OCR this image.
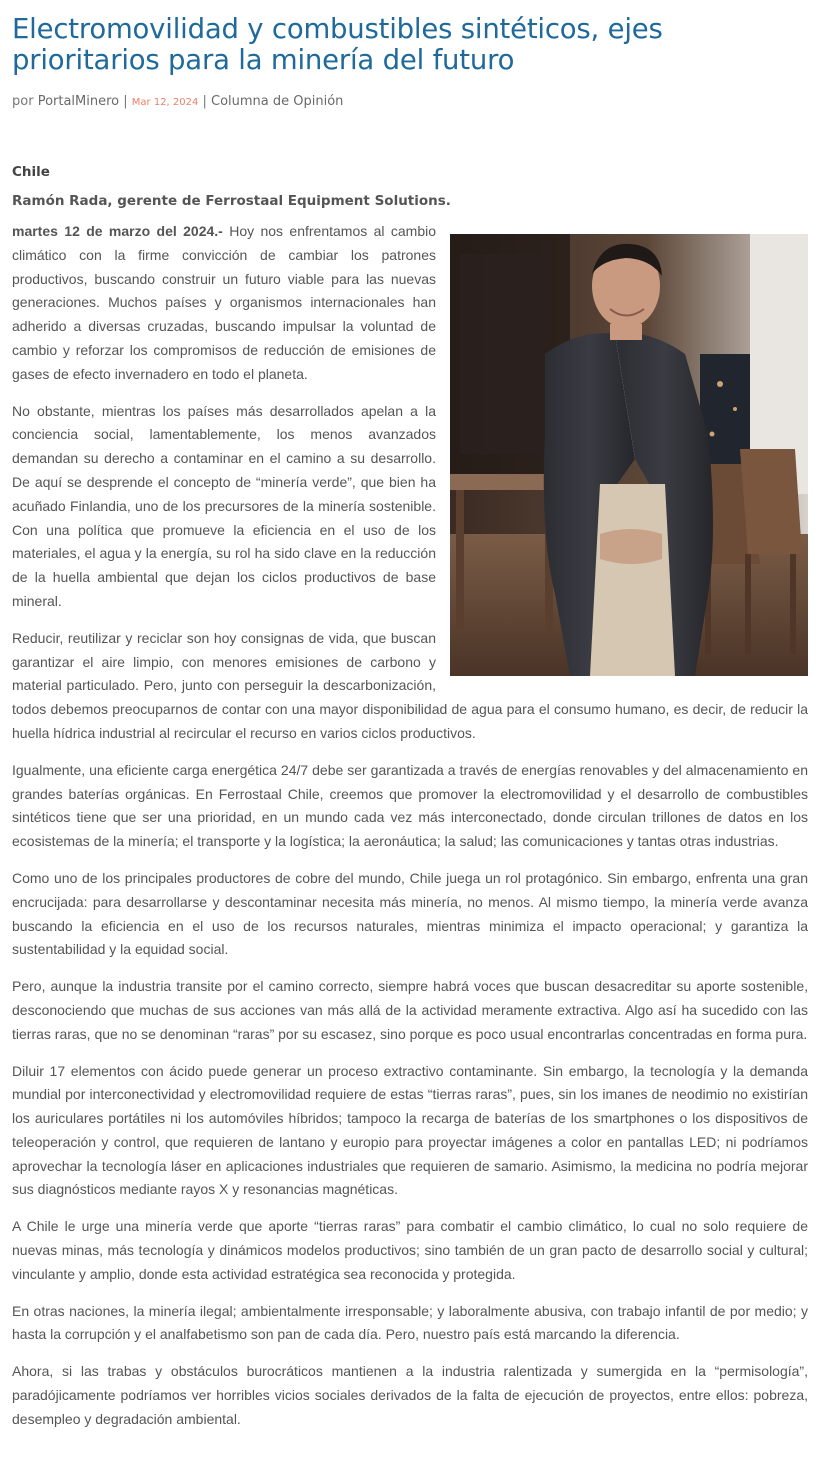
Electromovilidad y combustibles sintéticos, ejes prioritarios para la minería del futuro
por PortalMinero | Mar 12, 2024 | Columna de Opinión
Chile
Ramón Rada, gerente de Ferrostaal Equipment Solutions.

martes 12 de marzo del 2024.- Hoy nos enfrentamos al cambio climático con la firme convicción de cambiar los patrones productivos, buscando construir un futuro viable para las nuevas generaciones. Muchos países y organismos internacionales han adherido a diversas cruzadas, buscando impulsar la voluntad de cambio y reforzar los compromisos de reducción de emisiones de gases de efecto invernadero en todo el planeta.

No obstante, mientras los países más desarrollados apelan a la conciencia social, lamentablemente, los menos avanzados demandan su derecho a contaminar en el camino a su desarrollo. De aquí se desprende el concepto de “minería verde”, que bien ha acuñado Finlandia, uno de los precursores de la minería sostenible. Con una política que promueve la eficiencia en el uso de los materiales, el agua y la energía, su rol ha sido clave en la reducción de la huella ambiental que dejan los ciclos productivos de base mineral.

Reducir, reutilizar y reciclar son hoy consignas de vida, que buscan garantizar el aire limpio, con menores emisiones de carbono y material particulado. Pero, junto con perseguir la descarbonización, todos debemos preocuparnos de contar con una mayor disponibilidad de agua para el consumo humano, es decir, de reducir la huella hídrica industrial al recircular el recurso en varios ciclos productivos.

Igualmente, una eficiente carga energética 24/7 debe ser garantizada a través de energías renovables y del almacenamiento en grandes baterías orgánicas. En Ferrostaal Chile, creemos que promover la electromovilidad y el desarrollo de combustibles sintéticos tiene que ser una prioridad, en un mundo cada vez más interconectado, donde circulan trillones de datos en los ecosistemas de la minería; el transporte y la logística; la aeronáutica; la salud; las comunicaciones y tantas otras industrias.

Como uno de los principales productores de cobre del mundo, Chile juega un rol protagónico. Sin embargo, enfrenta una gran encrucijada: para desarrollarse y descontaminar necesita más minería, no menos. Al mismo tiempo, la minería verde avanza buscando la eficiencia en el uso de los recursos naturales, mientras minimiza el impacto operacional; y garantiza la sustentabilidad y la equidad social.

Pero, aunque la industria transite por el camino correcto, siempre habrá voces que buscan desacreditar su aporte sostenible, desconociendo que muchas de sus acciones van más allá de la actividad meramente extractiva. Algo así ha sucedido con las tierras raras, que no se denominan “raras” por su escasez, sino porque es poco usual encontrarlas concentradas en forma pura.

Diluir 17 elementos con ácido puede generar un proceso extractivo contaminante. Sin embargo, la tecnología y la demanda mundial por interconectividad y electromovilidad requiere de estas “tierras raras”, pues, sin los imanes de neodimio no existirían los auriculares portátiles ni los automóviles híbridos; tampoco la recarga de baterías de los smartphones o los dispositivos de teleoperación y control, que requieren de lantano y europio para proyectar imágenes a color en pantallas LED; ni podríamos aprovechar la tecnología láser en aplicaciones industriales que requieren de samario. Asimismo, la medicina no podría mejorar sus diagnósticos mediante rayos X y resonancias magnéticas.

A Chile le urge una minería verde que aporte “tierras raras” para combatir el cambio climático, lo cual no solo requiere de nuevas minas, más tecnología y dinámicos modelos productivos; sino también de un gran pacto de desarrollo social y cultural; vinculante y amplio, donde esta actividad estratégica sea reconocida y protegida.

En otras naciones, la minería ilegal; ambientalmente irresponsable; y laboralmente abusiva, con trabajo infantil de por medio; y hasta la corrupción y el analfabetismo son pan de cada día. Pero, nuestro país está marcando la diferencia.

Ahora, si las trabas y obstáculos burocráticos mantienen a la industria ralentizada y sumergida en la “permisología”, paradójicamente podríamos ver horribles vicios sociales derivados de la falta de ejecución de proyectos, entre ellos: pobreza, desempleo y degradación ambiental.
